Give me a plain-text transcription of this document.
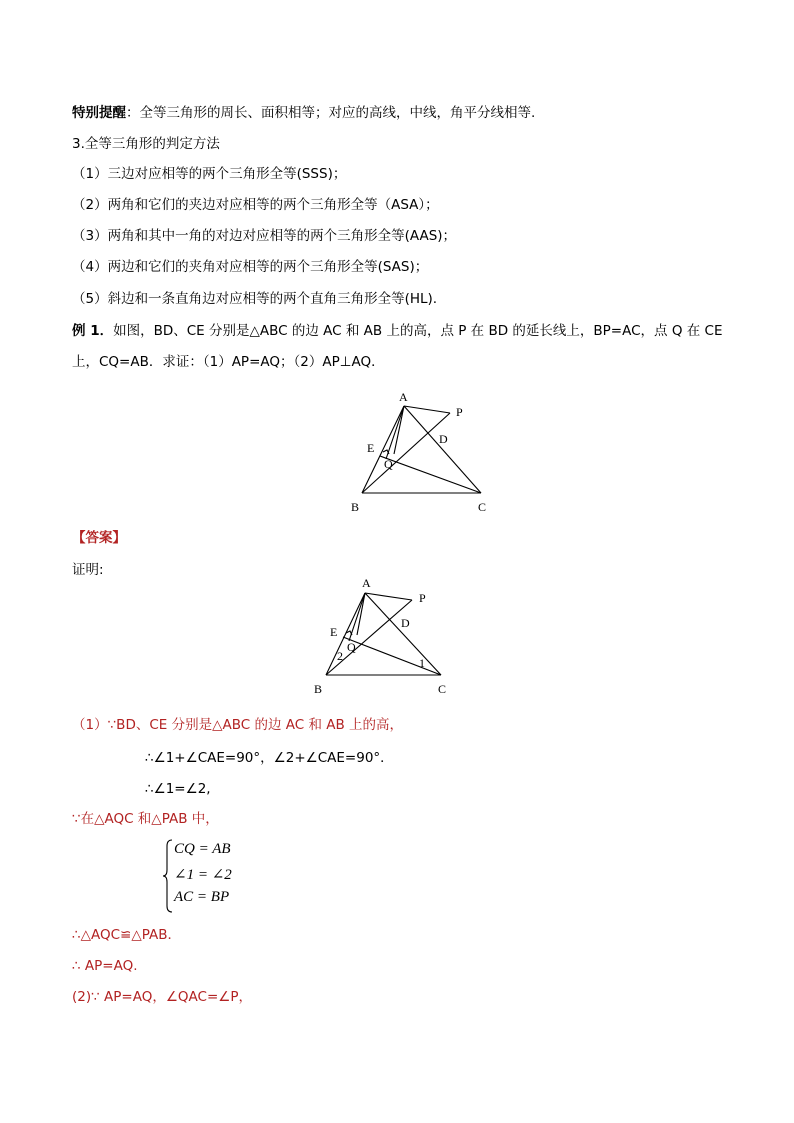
特别提醒：全等三角形的周长、面积相等；对应的高线，中线，角平分线相等.
3.全等三角形的判定方法
（1）三边对应相等的两个三角形全等(SSS)；
（2）两角和它们的夹边对应相等的两个三角形全等（ASA）；
（3）两角和其中一角的对边对应相等的两个三角形全等(AAS)；
（4）两边和它们的夹角对应相等的两个三角形全等(SAS)；
（5）斜边和一条直角边对应相等的两个直角三角形全等(HL).
例 1．如图，BD、CE 分别是△ABC 的边 AC 和 AB 上的高，点 P 在 BD 的延长线上，BP=AC，点 Q 在 CE
上，CQ=AB．求证：（1）AP=AQ；（2）AP⊥AQ．
A
P
D
E
Q
B	C
【答案】
证明:
A
P
D
E
Q
2	1
B	C
（1）∵BD、CE 分别是△ABC 的边 AC 和 AB 上的高，
∴∠1+∠CAE=90°，∠2+∠CAE=90°．
∴∠1=∠2,
∵在△AQC 和△PAB 中，
CQ = AB
∠1 = ∠2
AC = BP
∴△AQC≌△PAB．
∴ AP=AQ.
(2)∵ AP=AQ，∠QAC=∠P，
